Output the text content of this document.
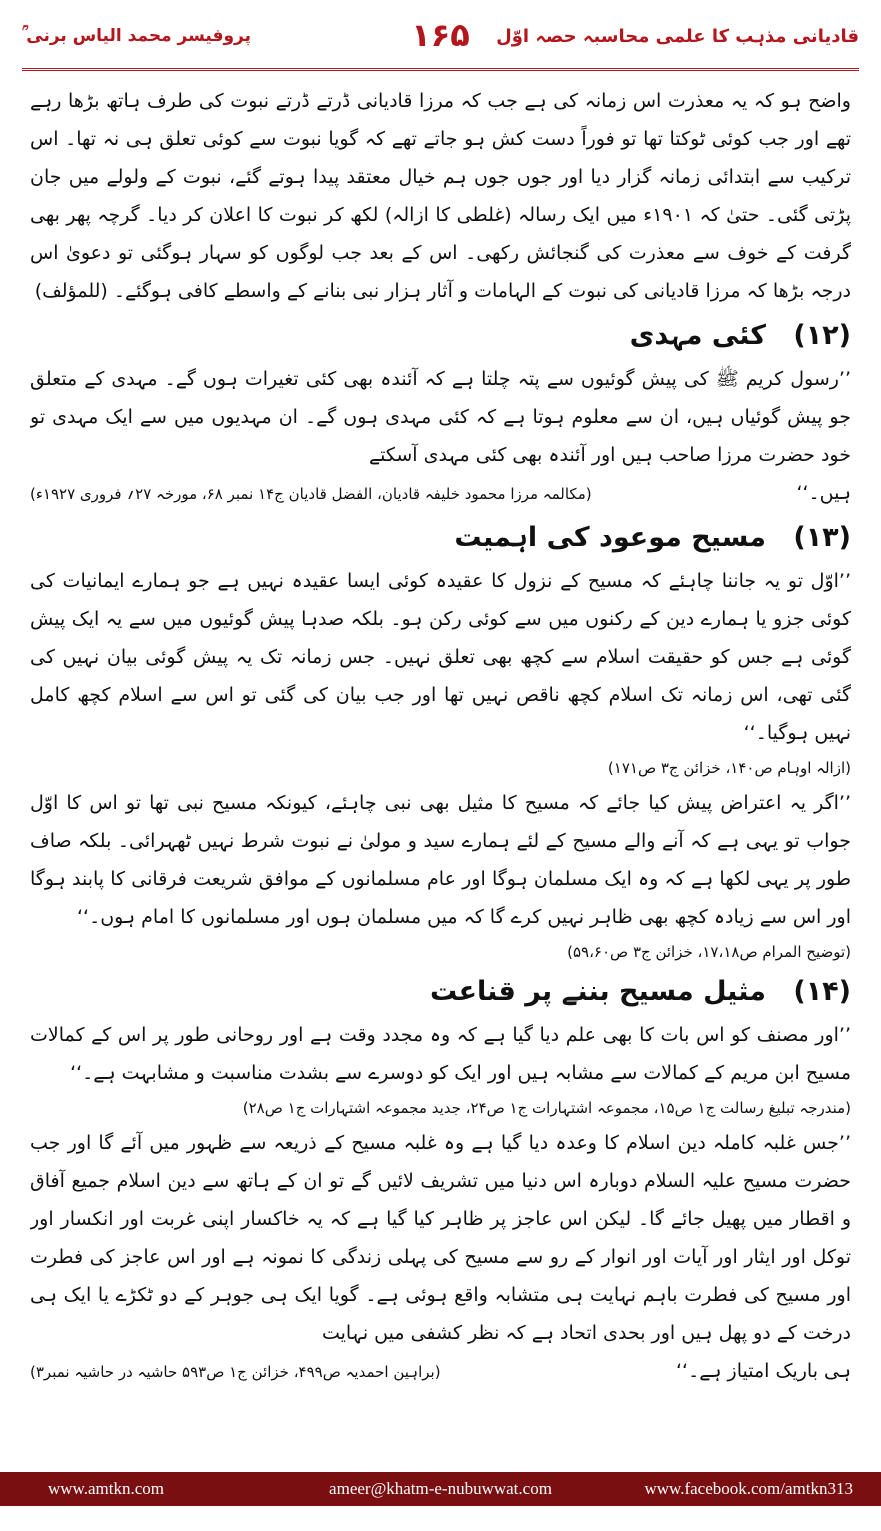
قادیانی مذہب کا علمی محاسبہ حصہ اوّل
۱۶۵
پروفیسر محمد الیاس برنی ؒ

واضح ہو کہ یہ معذرت اس زمانہ کی ہے جب کہ مرزا قادیانی ڈرتے ڈرتے نبوت کی طرف ہاتھ بڑھا رہے تھے اور جب کوئی ٹوکتا تھا تو فوراً دست کش ہو جاتے تھے کہ گویا نبوت سے کوئی تعلق ہی نہ تھا۔ اس ترکیب سے ابتدائی زمانہ گزار دیا اور جوں جوں ہم خیال معتقد پیدا ہوتے گئے، نبوت کے ولولے میں جان پڑتی گئی۔ حتیٰ کہ ۱۹۰۱ء میں ایک رسالہ (غلطی کا ازالہ) لکھ کر نبوت کا اعلان کر دیا۔ گرچہ پھر بھی گرفت کے خوف سے معذرت کی گنجائش رکھی۔ اس کے بعد جب لوگوں کو سہار ہوگئی تو دعویٰ اس درجہ بڑھا کہ مرزا قادیانی کی نبوت کے الہامات و آثار ہزار نبی بنانے کے واسطے کافی ہوگئے۔ (للمؤلف)

(۱۲) کئی مہدی

’’رسول کریم ﷺ کی پیش گوئیوں سے پتہ چلتا ہے کہ آئندہ بھی کئی تغیرات ہوں گے۔ مہدی کے متعلق جو پیش گوئیاں ہیں، ان سے معلوم ہوتا ہے کہ کئی مہدی ہوں گے۔ ان مہدیوں میں سے ایک مہدی تو خود حضرت مرزا صاحب ہیں اور آئندہ بھی کئی مہدی آسکتے

ہیں۔‘‘
(مکالمہ مرزا محمود خلیفہ قادیان، الفضل قادیان ج۱۴ نمبر ۶۸، مورخہ ۲۷؍ فروری ۱۹۲۷ء)
(۱۳) مسیح موعود کی اہمیت

’’اوّل تو یہ جاننا چاہئے کہ مسیح کے نزول کا عقیدہ کوئی ایسا عقیدہ نہیں ہے جو ہمارے ایمانیات کی کوئی جزو یا ہمارے دین کے رکنوں میں سے کوئی رکن ہو۔ بلکہ صدہا پیش گوئیوں میں سے یہ ایک پیش گوئی ہے جس کو حقیقت اسلام سے کچھ بھی تعلق نہیں۔ جس زمانہ تک یہ پیش گوئی بیان نہیں کی گئی تھی، اس زمانہ تک اسلام کچھ ناقص نہیں تھا اور جب بیان کی گئی تو اس سے اسلام کچھ کامل نہیں ہوگیا۔‘‘

(ازالہ اوہام ص۱۴۰، خزائن ج۳ ص۱۷۱)

’’اگر یہ اعتراض پیش کیا جائے کہ مسیح کا مثیل بھی نبی چاہئے، کیونکہ مسیح نبی تھا تو اس کا اوّل جواب تو یہی ہے کہ آنے والے مسیح کے لئے ہمارے سید و مولیٰ نے نبوت شرط نہیں ٹھہرائی۔ بلکہ صاف طور پر یہی لکھا ہے کہ وہ ایک مسلمان ہوگا اور عام مسلمانوں کے موافق شریعت فرقانی کا پابند ہوگا اور اس سے زیادہ کچھ بھی ظاہر نہیں کرے گا کہ میں مسلمان ہوں اور مسلمانوں کا امام ہوں۔‘‘

(توضیح المرام ص۱۷،۱۸، خزائن ج۳ ص۵۹،۶۰)

(۱۴) مثیل مسیح بننے پر قناعت

’’اور مصنف کو اس بات کا بھی علم دیا گیا ہے کہ وہ مجدد وقت ہے اور روحانی طور پر اس کے کمالات مسیح ابن مریم کے کمالات سے مشابہ ہیں اور ایک کو دوسرے سے بشدت مناسبت و مشابہت ہے۔‘‘

(مندرجہ تبلیغ رسالت ج۱ ص۱۵، مجموعہ اشتہارات ج۱ ص۲۴، جدید مجموعہ اشتہارات ج۱ ص۲۸)

’’جس غلبہ کاملہ دین اسلام کا وعدہ دیا گیا ہے وہ غلبہ مسیح کے ذریعہ سے ظہور میں آئے گا اور جب حضرت مسیح علیہ السلام دوبارہ اس دنیا میں تشریف لائیں گے تو ان کے ہاتھ سے دین اسلام جمیع آفاق و اقطار میں پھیل جائے گا۔ لیکن اس عاجز پر ظاہر کیا گیا ہے کہ یہ خاکسار اپنی غربت اور انکسار اور توکل اور ایثار اور آیات اور انوار کے رو سے مسیح کی پہلی زندگی کا نمونہ ہے اور اس عاجز کی فطرت اور مسیح کی فطرت باہم نہایت ہی متشابہ واقع ہوئی ہے۔ گویا ایک ہی جوہر کے دو ٹکڑے یا ایک ہی درخت کے دو پھل ہیں اور بحدی اتحاد ہے کہ نظر کشفی میں نہایت

ہی باریک امتیاز ہے۔‘‘
(براہین احمدیہ ص۴۹۹، خزائن ج۱ ص۵۹۳ حاشیہ در حاشیہ نمبر۳)
www.amtkn.com	ameer@khatm-e-nubuwwat.com	www.facebook.com/amtkn313
